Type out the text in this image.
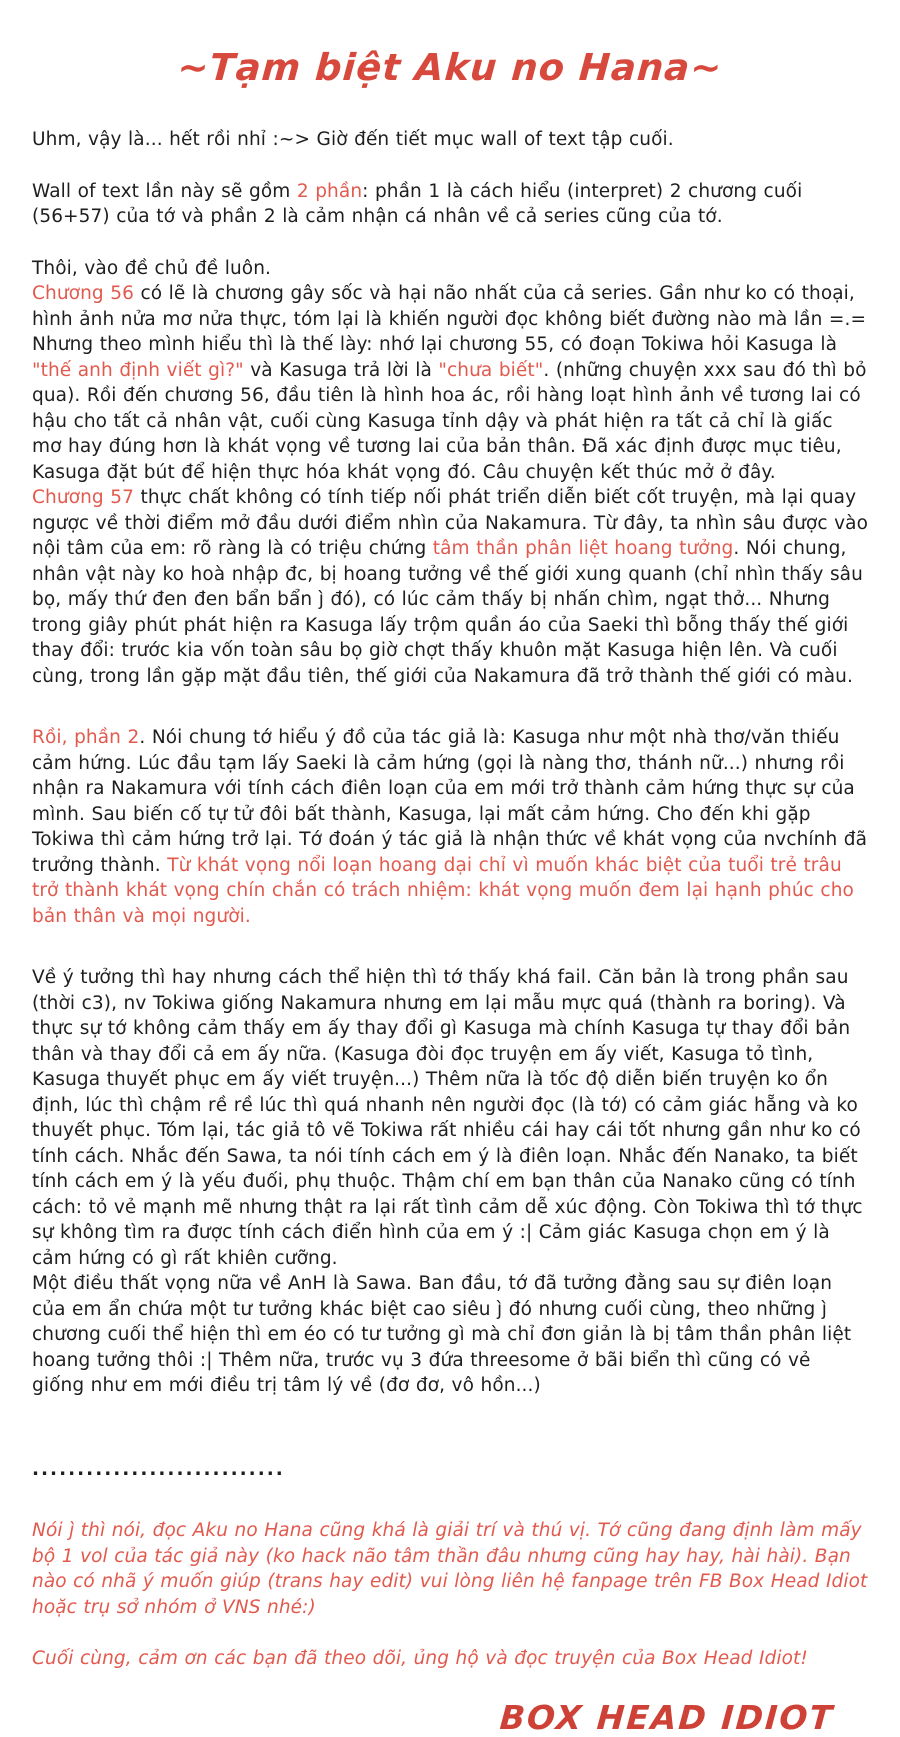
~Tạm biệt Aku no Hana~

Uhm, vậy là... hết rồi nhỉ :~> Giờ đến tiết mục wall of text tập cuối.

Wall of text lần này sẽ gồm 2 phần: phần 1 là cách hiểu (interpret) 2 chương cuối (56+57) của tớ và phần 2 là cảm nhận cá nhân về cả series cũng của tớ.

Thôi, vào đề chủ đề luôn.

Chương 56 có lẽ là chương gây sốc và hại não nhất của cả series. Gần như ko có thoại, hình ảnh nửa mơ nửa thực, tóm lại là khiến người đọc không biết đường nào mà lần =.=

Nhưng theo mình hiểu thì là thế lày: nhớ lại chương 55, có đoạn Tokiwa hỏi Kasuga là "thế anh định viết gì?" và Kasuga trả lời là "chưa biết". (những chuyện xxx sau đó thì bỏ qua). Rồi đến chương 56, đầu tiên là hình hoa ác, rồi hàng loạt hình ảnh về tương lai có hậu cho tất cả nhân vật, cuối cùng Kasuga tỉnh dậy và phát hiện ra tất cả chỉ là giấc mơ hay đúng hơn là khát vọng về tương lai của bản thân. Đã xác định được mục tiêu, Kasuga đặt bút để hiện thực hóa khát vọng đó. Câu chuyện kết thúc mở ở đây.

Chương 57 thực chất không có tính tiếp nối phát triển diễn biết cốt truyện, mà lại quay ngược về thời điểm mở đầu dưới điểm nhìn của Nakamura. Từ đây, ta nhìn sâu được vào nội tâm của em: rõ ràng là có triệu chứng tâm thần phân liệt hoang tưởng. Nói chung, nhân vật này ko hoà nhập đc, bị hoang tưởng về thế giới xung quanh (chỉ nhìn thấy sâu bọ, mấy thứ đen đen bẩn bẩn j̀ đó), có lúc cảm thấy bị nhấn chìm, ngạt thở... Nhưng trong giây phút phát hiện ra Kasuga lấy trộm quần áo của Saeki thì bỗng thấy thế giới thay đổi: trước kia vốn toàn sâu bọ giờ chợt thấy khuôn mặt Kasuga hiện lên. Và cuối cùng, trong lần gặp mặt đầu tiên, thế giới của Nakamura đã trở thành thế giới có màu.

Rồi, phần 2. Nói chung tớ hiểu ý đồ của tác giả là: Kasuga như một nhà thơ/văn thiếu cảm hứng. Lúc đầu tạm lấy Saeki là cảm hứng (gọi là nàng thơ, thánh nữ...) nhưng rồi nhận ra Nakamura với tính cách điên loạn của em mới trở thành cảm hứng thực sự của mình. Sau biến cố tự tử đôi bất thành, Kasuga, lại mất cảm hứng. Cho đến khi gặp Tokiwa thì cảm hứng trở lại. Tớ đoán ý tác giả là nhận thức về khát vọng của nvchính đã trưởng thành. Từ khát vọng nổi loạn hoang dại chỉ vì muốn khác biệt của tuổi trẻ trâu trở thành khát vọng chín chắn có trách nhiệm: khát vọng muốn đem lại hạnh phúc cho bản thân và mọi người.

Về ý tưởng thì hay nhưng cách thể hiện thì tớ thấy khá fail. Căn bản là trong phần sau (thời c3), nv Tokiwa giống Nakamura nhưng em lại mẫu mực quá (thành ra boring). Và thực sự tớ không cảm thấy em ấy thay đổi gì Kasuga mà chính Kasuga tự thay đổi bản thân và thay đổi cả em ấy nữa. (Kasuga đòi đọc truyện em ấy viết, Kasuga tỏ tình, Kasuga thuyết phục em ấy viết truyện...) Thêm nữa là tốc độ diễn biến truyện ko ổn định, lúc thì chậm rề rề lúc thì quá nhanh nên người đọc (là tớ) có cảm giác hẵng và ko thuyết phục. Tóm lại, tác giả tô vẽ Tokiwa rất nhiều cái hay cái tốt nhưng gần như ko có tính cách. Nhắc đến Sawa, ta nói tính cách em ý là điên loạn. Nhắc đến Nanako, ta biết tính cách em ý là yếu đuối, phụ thuộc. Thậm chí em bạn thân của Nanako cũng có tính cách: tỏ vẻ mạnh mẽ nhưng thật ra lại rất tình cảm dễ xúc động. Còn Tokiwa thì tớ thực sự không tìm ra được tính cách điển hình của em ý :| Cảm giác Kasuga chọn em ý là cảm hứng có gì rất khiên cưỡng.

Một điều thất vọng nữa về AnH là Sawa. Ban đầu, tớ đã tưởng đằng sau sự điên loạn của em ẩn chứa một tư tưởng khác biệt cao siêu j̀ đó nhưng cuối cùng, theo những j̀ chương cuối thể hiện thì em éo có tư tưởng gì mà chỉ đơn giản là bị tâm thần phân liệt hoang tưởng thôi :| Thêm nữa, trước vụ 3 đứa threesome ở bãi biển thì cũng có vẻ giống như em mới điều trị tâm lý về (đơ đơ, vô hồn...)

............................

Nói j̀ thì nói, đọc Aku no Hana cũng khá là giải trí và thú vị. Tớ cũng đang định làm mấy bộ 1 vol của tác giả này (ko hack não tâm thần đâu nhưng cũng hay hay, hài hài). Bạn nào có nhã ý muốn giúp (trans hay edit) vui lòng liên hệ fanpage trên FB Box Head Idiot hoặc trụ sở nhóm ở VNS nhé:)

Cuối cùng, cảm ơn các bạn đã theo dõi, ủng hộ và đọc truyện của Box Head Idiot!

BOX HEAD IDIOT
